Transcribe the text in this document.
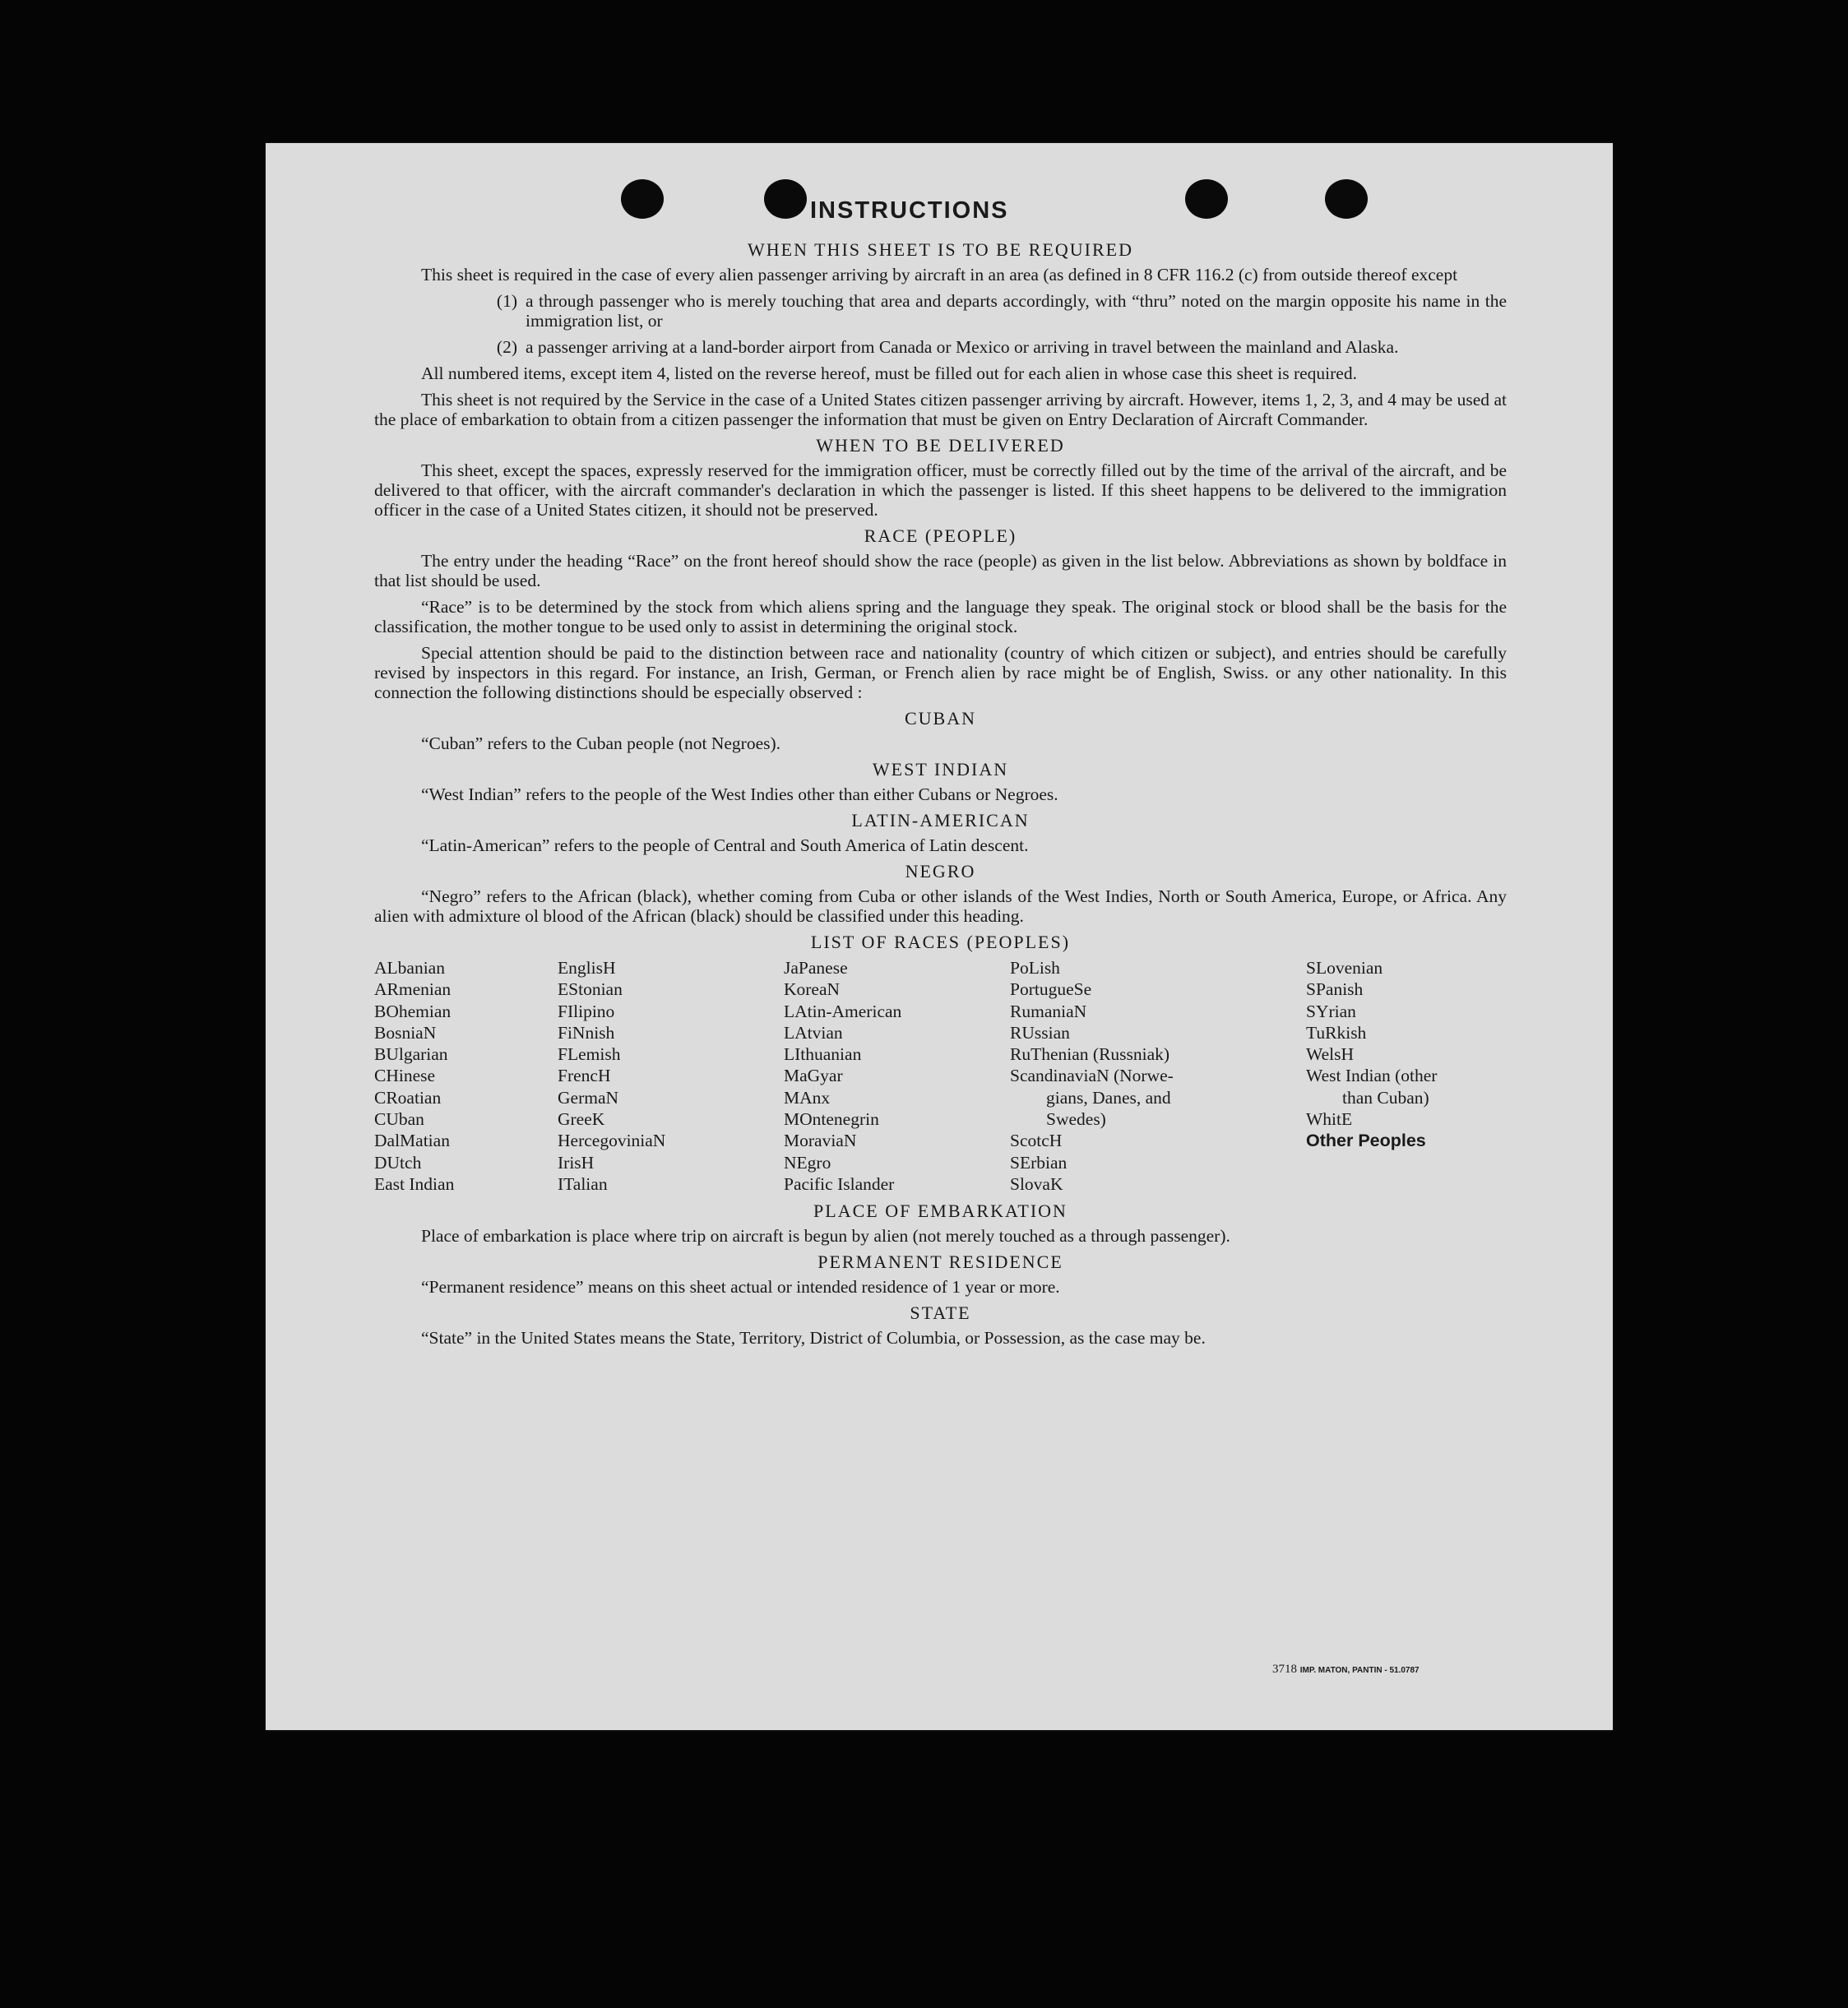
INSTRUCTIONS
WHEN THIS SHEET IS TO BE REQUIRED

This sheet is required in the case of every alien passenger arriving by aircraft in an area (as defined in 8 CFR 116.2 (c) from outside thereof except

(1) a through passenger who is merely touching that area and departs accordingly, with “thru” noted on the margin opposite his name in the immigration list, or
(2) a passenger arriving at a land-border airport from Canada or Mexico or arriving in travel between the mainland and Alaska.

All numbered items, except item 4, listed on the reverse hereof, must be filled out for each alien in whose case this sheet is required.

This sheet is not required by the Service in the case of a United States citizen passenger arriving by aircraft. However, items 1, 2, 3, and 4 may be used at the place of embarkation to obtain from a citizen passenger the information that must be given on Entry Declaration of Aircraft Commander.

WHEN TO BE DELIVERED

This sheet, except the spaces, expressly reserved for the immigration officer, must be correctly filled out by the time of the arrival of the aircraft, and be delivered to that officer, with the aircraft commander's declaration in which the passenger is listed. If this sheet happens to be delivered to the immigration officer in the case of a United States citizen, it should not be preserved.

RACE (PEOPLE)

The entry under the heading “Race” on the front hereof should show the race (people) as given in the list below. Abbreviations as shown by boldface in that list should be used.

“Race” is to be determined by the stock from which aliens spring and the language they speak. The original stock or blood shall be the basis for the classification, the mother tongue to be used only to assist in determining the original stock.

Special attention should be paid to the distinction between race and nationality (country of which citizen or subject), and entries should be carefully revised by inspectors in this regard. For instance, an Irish, German, or French alien by race might be of English, Swiss. or any other nationality. In this connection the following distinctions should be especially observed :

CUBAN

“Cuban” refers to the Cuban people (not Negroes).

WEST INDIAN

“West Indian” refers to the people of the West Indies other than either Cubans or Negroes.

LATIN-AMERICAN

“Latin-American” refers to the people of Central and South America of Latin descent.

NEGRO

“Negro” refers to the African (black), whether coming from Cuba or other islands of the West Indies, North or South America, Europe, or Africa. Any alien with admixture ol blood of the African (black) should be classified under this heading.

LIST OF RACES (PEOPLES)
ALbanian
ARmenian
BOhemian
BosniaN
BUlgarian
CHinese
CRoatian
CUban
DalMatian
DUtch
East Indian
EnglisH
EStonian
FIlipino
FiNnish
FLemish
FrencH
GermaN
GreeK
HercegoviniaN
IrisH
ITalian
JaPanese
KoreaN
LAtin-American
LAtvian
LIthuanian
MaGyar
MAnx
MOntenegrin
MoraviaN
NEgro
Pacific Islander
PoLish
PortugueSe
RumaniaN
RUssian
RuThenian (Russniak)
ScandinaviaN (Norwe-
gians, Danes, and
Swedes)
ScotcH
SErbian
SlovaK
SLovenian
SPanish
SYrian
TuRkish
WelsH
West Indian (other
than Cuban)
WhitE
Other Peoples
PLACE OF EMBARKATION

Place of embarkation is place where trip on aircraft is begun by alien (not merely touched as a through passenger).

PERMANENT RESIDENCE

“Permanent residence” means on this sheet actual or intended residence of 1 year or more.

STATE

“State” in the United States means the State, Territory, District of Columbia, or Possession, as the case may be.

3718 IMP. MATON, PANTIN - 51.0787
